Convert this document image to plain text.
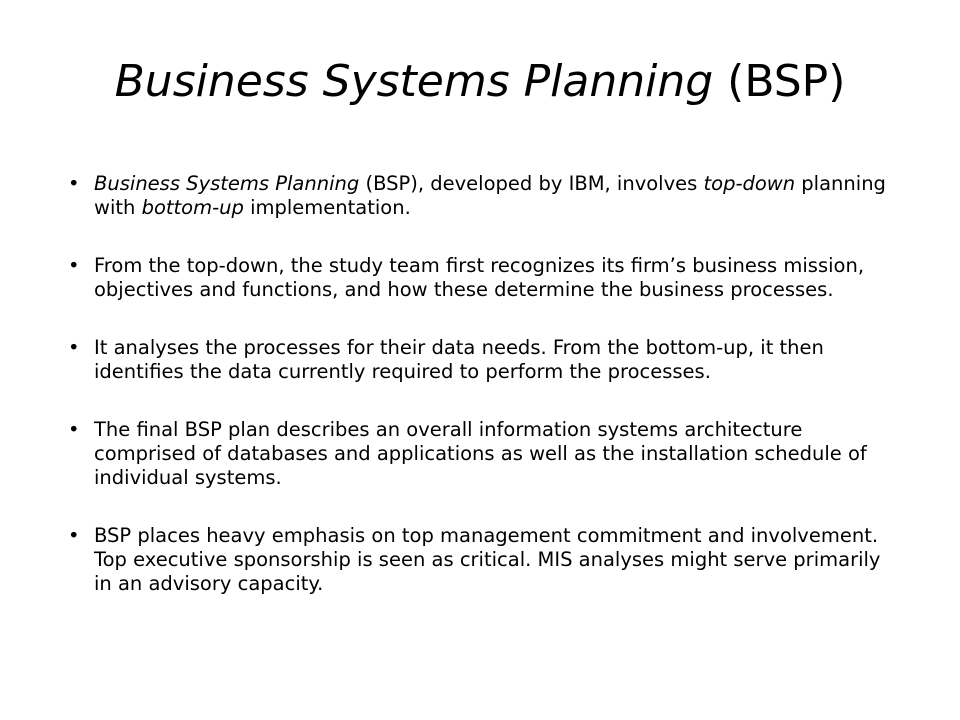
Business Systems Planning (BSP)
• Business Systems Planning (BSP), developed by IBM, involves top-down planning with bottom-up implementation.
• From the top-down, the study team first recognizes its firm’s business mission, objectives and functions, and how these determine the business processes.
• It analyses the processes for their data needs. From the bottom-up, it then identifies the data currently required to perform the processes.
• The final BSP plan describes an overall information systems architecture comprised of databases and applications as well as the installation schedule of individual systems.
• BSP places heavy emphasis on top management commitment and involvement. Top executive sponsorship is seen as critical. MIS analyses might serve primarily in an advisory capacity.
